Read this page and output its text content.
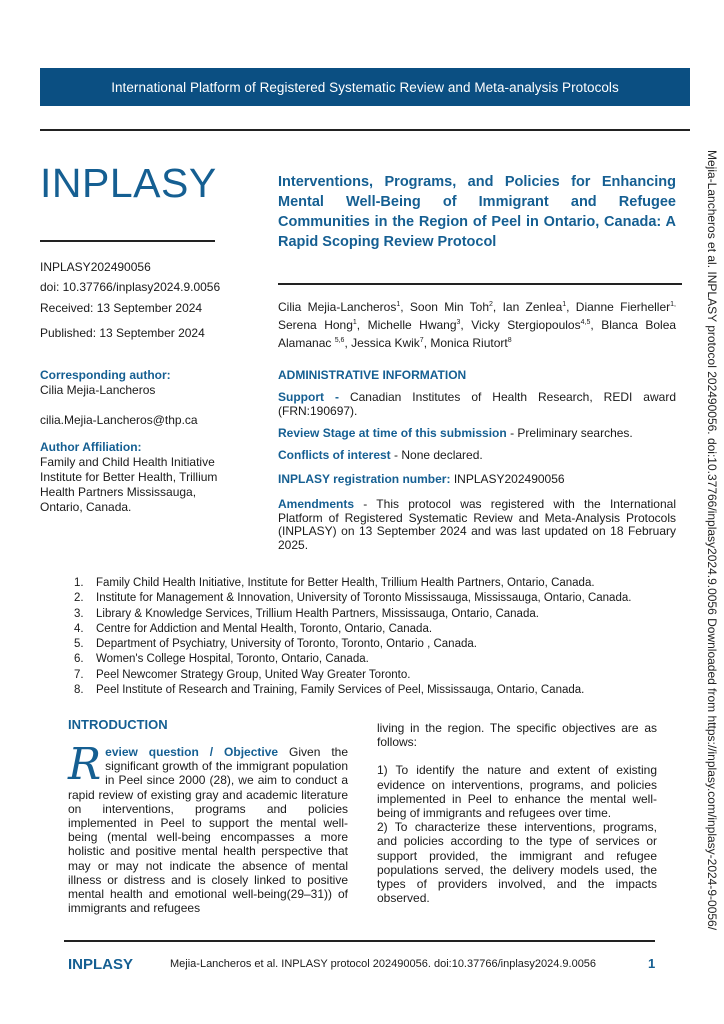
International Platform of Registered Systematic Review and Meta-analysis Protocols
INPLASY
INPLASY202490056
doi: 10.37766/inplasy2024.9.0056
Received: 13 September 2024
Published: 13 September 2024
Corresponding author:
Cilia Mejia-Lancheros
cilia.Mejia-Lancheros@thp.ca
Author Affiliation:
Family and Child Health Initiative Institute for Better Health, Trillium Health Partners Mississauga, Ontario, Canada.
Interventions, Programs, and Policies for Enhancing Mental Well-Being of Immigrant and Refugee Communities in the Region of Peel in Ontario, Canada: A Rapid Scoping Review Protocol
Cilia Mejia-Lancheros$^1$, Soon Min Toh$^2$, Ian Zenlea$^1$, Dianne Fierheller$^{1,}$ Serena Hong$^1$, Michelle Hwang$^3$, Vicky Stergiopoulos$^{4,5}$, Blanca Bolea Alamanac $^{5,6}$, Jessica Kwik$^7$, Monica Riutort$^8$
ADMINISTRATIVE INFORMATION
Support - Canadian Institutes of Health Research, REDI award (FRN:190697).
Review Stage at time of this submission - Preliminary searches.
Conflicts of interest - None declared.
INPLASY registration number: INPLASY202490056
Amendments - This protocol was registered with the International Platform of Registered Systematic Review and Meta-Analysis Protocols (INPLASY) on 13 September 2024 and was last updated on 18 February 2025.
1.	Family Child Health Initiative, Institute for Better Health, Trillium Health Partners, Ontario, Canada.
2.	Institute for Management & Innovation, University of Toronto Mississauga, Mississauga, Ontario, Canada.
3.	Library & Knowledge Services, Trillium Health Partners, Mississauga, Ontario, Canada.
4.	Centre for Addiction and Mental Health, Toronto, Ontario, Canada.
5.	Department of Psychiatry, University of Toronto, Toronto, Ontario , Canada.
6.	Women's College Hospital, Toronto, Ontario, Canada.
7.	Peel Newcomer Strategy Group, United Way Greater Toronto.
8.	Peel Institute of Research and Training, Family Services of Peel, Mississauga, Ontario, Canada.
INTRODUCTION
Review question / Objective Given the significant growth of the immigrant population in Peel since 2000 (28), we aim to conduct a rapid review of existing gray and academic literature on interventions, programs and policies implemented in Peel to support the mental well-being (mental well-being encompasses a more holistic and positive mental health perspective that may or may not indicate the absence of mental illness or distress and is closely linked to positive mental health and emotional well-being(29–31)) of immigrants and refugees
living in the region. The specific objectives are as follows:
1) To identify the nature and extent of existing evidence on interventions, programs, and policies implemented in Peel to enhance the mental well-being of immigrants and refugees over time.
2) To characterize these interventions, programs, and policies according to the type of services or support provided, the immigrant and refugee populations served, the delivery models used, the types of providers involved, and the impacts observed.
INPLASY	Mejia-Lancheros et al. INPLASY protocol 202490056. doi:10.37766/inplasy2024.9.0056	1
Mejia-Lancheros et al. INPLASY protocol 202490056. doi:10.37766/inplasy2024.9.0056 Downloaded from https://inplasy.com/inplasy-2024-9-0056/
